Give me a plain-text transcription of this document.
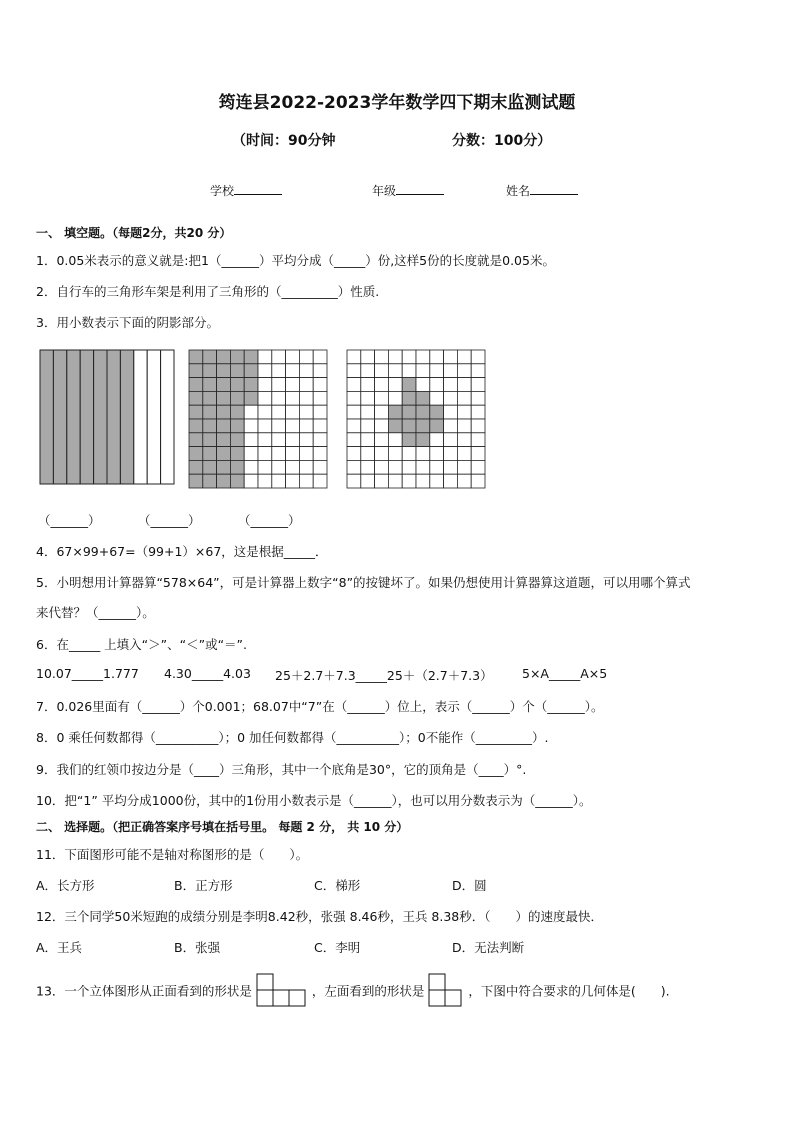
筠连县2022-2023学年数学四下期末监测试题
（时间：90分钟	分数：100分）
学校	年级	姓名
一、 填空题。（每题2分，共20 分）
1．0.05米表示的意义就是:把1（______）平均分成（_____）份,这样5份的长度就是0.05米。
2．自行车的三角形车架是利用了三角形的（_________）性质.
3．用小数表示下面的阴影部分。
（______）	（______）	（______）
4．67×99+67=（99+1）×67，这是根据_____．
5．小明想用计算器算“578×64”，可是计算器上数字“8”的按键坏了。如果仍想使用计算器算这道题，可以用哪个算式
来代替？（______）。
6．在_____ 上填入“＞”、“＜”或“＝”.
10.07_____1.777 4.30_____4.03 25＋2.7＋7.3_____25＋（2.7＋7.3） 5×A_____A×5
7．0.026里面有（______）个0.001；68.07中“7”在（______）位上，表示（______）个（______）。
8．0 乘任何数都得（__________）；0 加任何数都得（__________）；0不能作（_________）.
9．我们的红领巾按边分是（____）三角形，其中一个底角是30°，它的顶角是（____）°.
10．把“1” 平均分成1000份，其中的1份用小数表示是（______），也可以用分数表示为（______）。
二、 选择题。（把正确答案序号填在括号里。 每题 2 分， 共 10 分）
11．下面图形可能不是轴对称图形的是（　　）。
A．长方形	B．正方形	C．梯形	D．圆
12．三个同学50米短跑的成绩分别是李明8.42秒，张强 8.46秒，王兵 8.38秒．（　　）的速度最快．
A．王兵	B．张强	C．李明	D．无法判断
13．一个立体图形从正面看到的形状是	，左面看到的形状是	，下图中符合要求的几何体是(　　).
